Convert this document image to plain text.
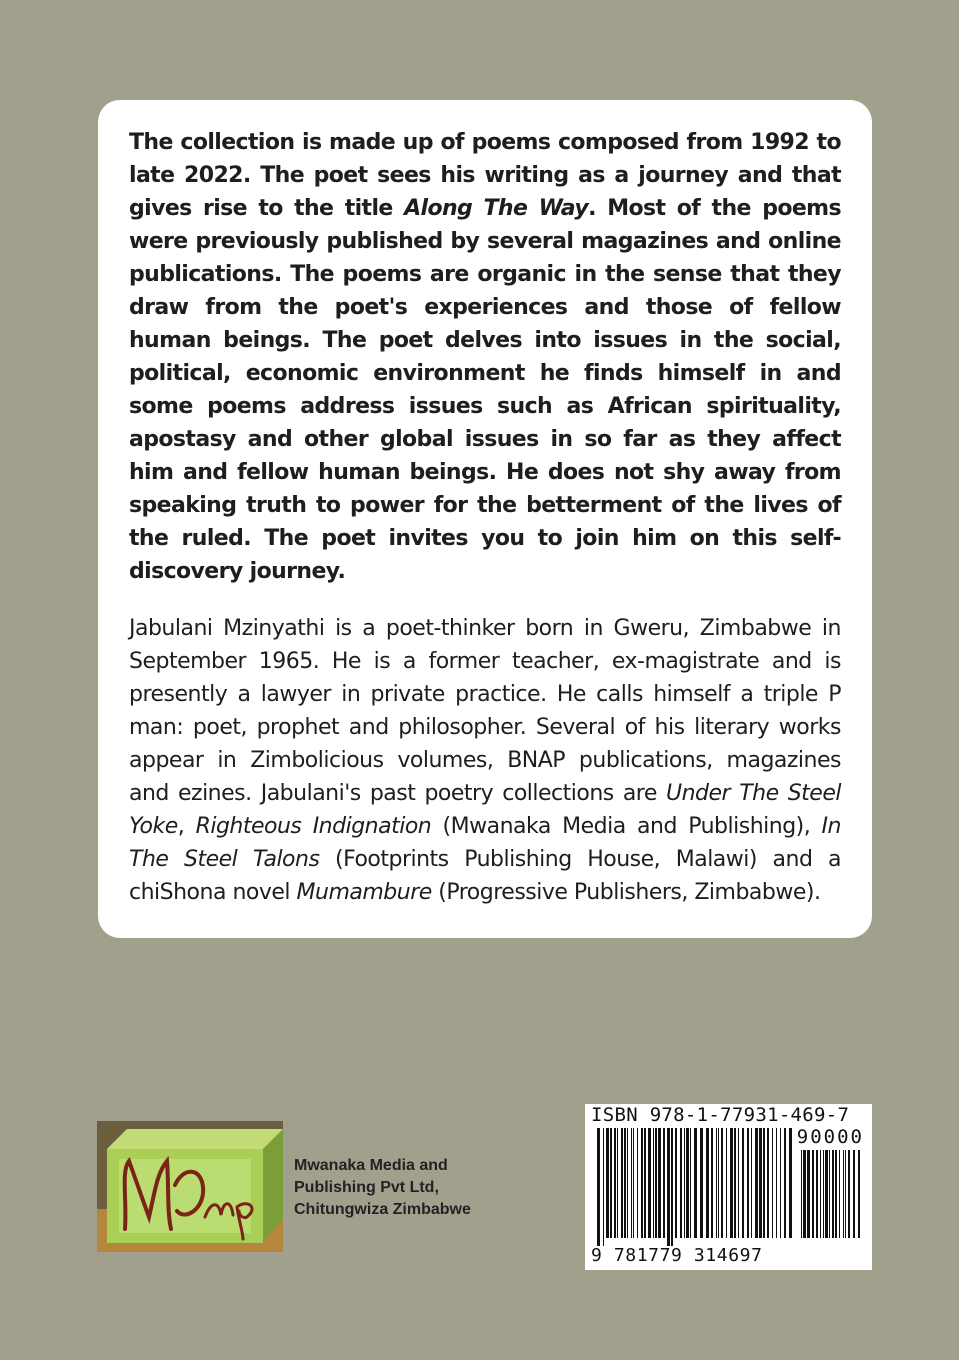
The collection is made up of poems composed from 1992 to late 2022. The poet sees his writing as a journey and that gives rise to the title Along The Way. Most of the poems were previously published by several magazines and online publications. The poems are organic in the sense that they draw from the poet's experiences and those of fellow human beings. The poet delves into issues in the social, political, economic environment he finds himself in and some poems address issues such as African spirituality, apostasy and other global issues in so far as they affect him and fellow human beings. He does not shy away from speaking truth to power for the betterment of the lives of the ruled. The poet invites you to join him on this self-discovery journey.

Jabulani Mzinyathi is a poet-thinker born in Gweru, Zimbabwe in September 1965. He is a former teacher, ex-magistrate and is presently a lawyer in private practice. He calls himself a triple P man: poet, prophet and philosopher. Several of his literary works appear in Zimbolicious volumes, BNAP publications, magazines and ezines. Jabulani's past poetry collections are Under The Steel Yoke, Righteous Indignation (Mwanaka Media and Publishing), In The Steel Talons (Footprints Publishing House, Malawi) and a chiShona novel Mumambure (Progressive Publishers, Zimbabwe).

Mwanaka Media and
Publishing Pvt Ltd,
Chitungwiza Zimbabwe
ISBN 978-1-77931-469-7
90000
9 781779 314697
